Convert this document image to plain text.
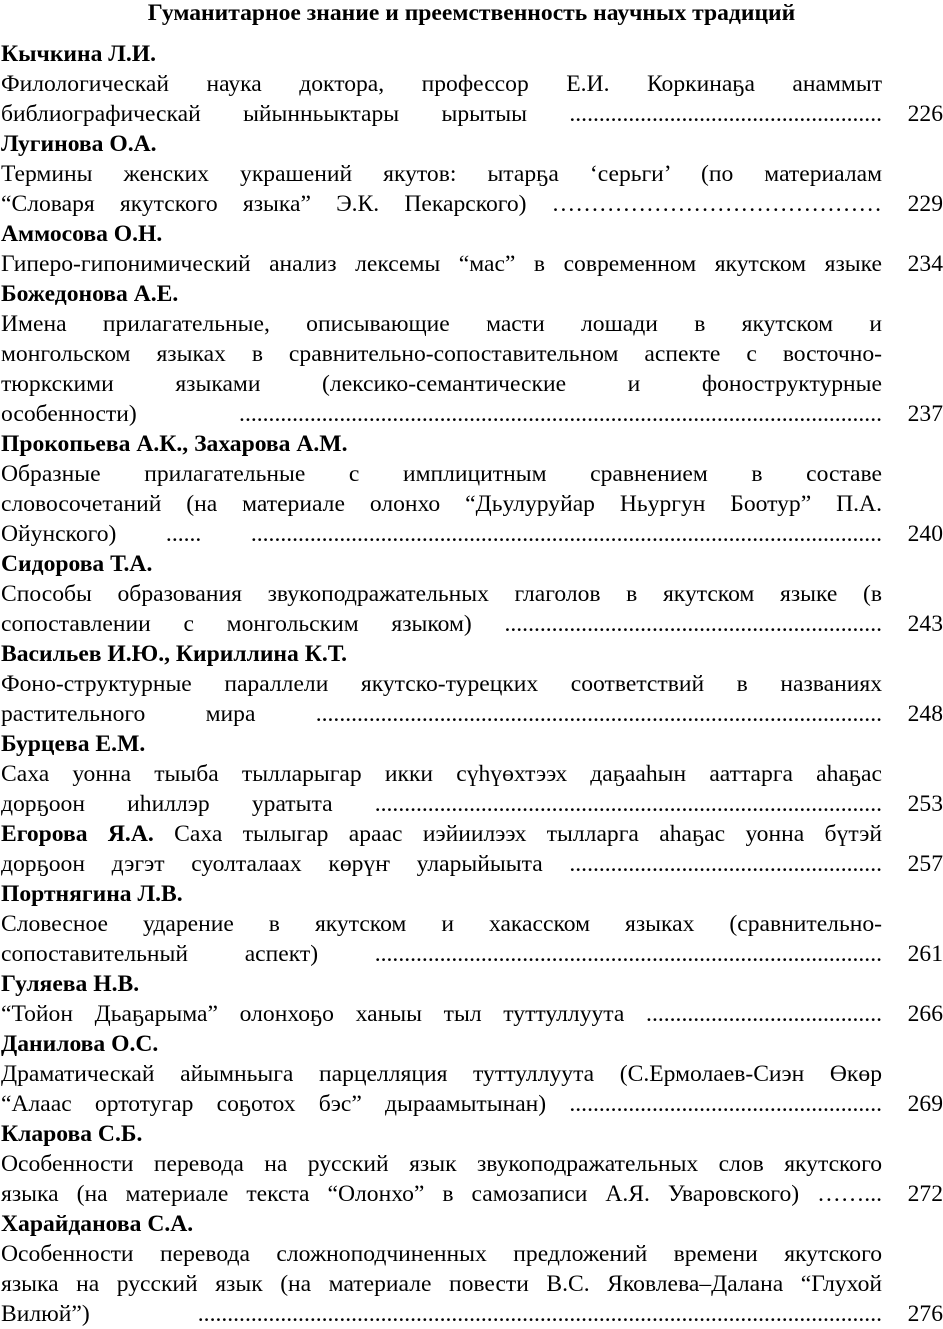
Гуманитарное знание и преемственность научных традиций
Кычкина Л.И.
Филологическай наука доктора, профессор Е.И. Коркинаҕа анаммыт
библиографическай ыйынньыктары ырытыы .....................................................	226
Лугинова О.А.
Термины женских украшений якутов: ытарҕа ‘серьги’ (по материалам
“Словаря якутского языка” Э.К. Пекарского) ……………………………………	229
Аммосова О.Н.
Гиперо-гипонимический анализ лексемы “мас” в современном якутском языке	234
Божедонова А.Е.
Имена прилагательные, описывающие масти лошади в якутском и
монгольском языках в сравнительно-сопоставительном аспекте с восточно-
тюркскими языками (лексико-семантические и фоноструктурные
особенности) .............................................................................................................	237
Прокопьева А.К., Захарова А.М.
Образные прилагательные с имплицитным сравнением в составе
словосочетаний (на материале олонхо “Дьулуруйар Ньургун Боотур” П.А.
Ойунского) ...... ...........................................................................................................	240
Сидорова Т.А.
Способы образования звукоподражательных глаголов в якутском языке (в
сопоставлении с монгольским языком) ................................................................	243
Васильев И.Ю., Кириллина К.Т.
Фоно-структурные параллели якутско-турецких соответствий в названиях
растительного мира ................................................................................................	248
Бурцева Е.М.
Саха уонна тыыба тылларыгар икки сүһүөхтээх даҕааһын ааттарга аһаҕас
дорҕоон иһиллэр уратыта ......................................................................................	253
Егорова Я.А. Саха тылыгар араас иэйиилээх тылларга аһаҕас уонна бүтэй
дорҕоон дэгэт суолталаах көрүҥ уларыйыыта .....................................................	257
Портнягина Л.В.
Словесное ударение в якутском и хакасском языках (сравнительно-
сопоставительный аспект) ......................................................................................	261
Гуляева Н.В.
“Тойон Дьаҕарыма” олонхоҕо ханыы тыл туттуллуута ........................................	266
Данилова О.С.
Драматическай айымньыга парцелляция туттуллуута (С.Ермолаев-Сиэн Өкөр
“Алаас ортотугар соҕотох бэс” дыраамытынан) .....................................................	269
Кларова С.Б.
Особенности перевода на русский язык звукоподражательных слов якутского
языка (на материале текста “Олонхо” в самозаписи А.Я. Уваровского) ……...	272
Харайданова С.А.
Особенности перевода сложноподчиненных предложений времени якутского
языка на русский язык (на материале повести В.С. Яковлева–Далана “Глухой
Вилюй”) ....................................................................................................................	276
